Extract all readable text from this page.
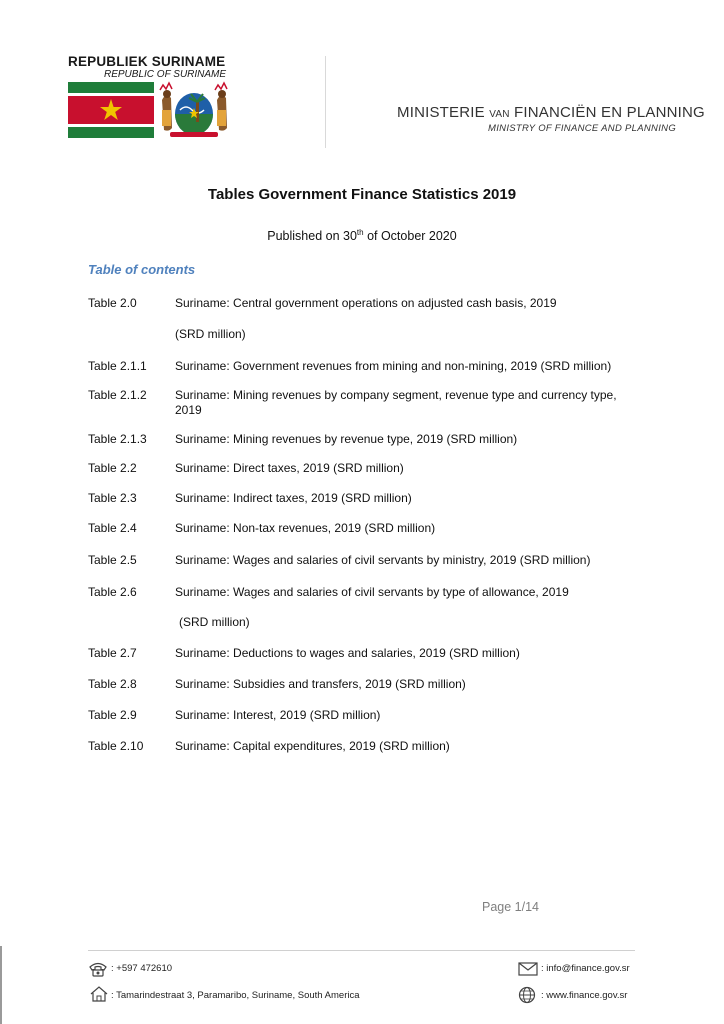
REPUBLIEK SURINAME
REPUBLIC OF SURINAME
MINISTERIE VAN FINANCIËN EN PLANNING
MINISTRY OF FINANCE AND PLANNING
Tables Government Finance Statistics 2019
Published on 30th of October 2020
Table of contents
Table 2.0	Suriname: Central government operations on adjusted cash basis, 2019
(SRD million)
Table 2.1.1 Suriname: Government revenues from mining and non-mining, 2019 (SRD million)
Table 2.1.2 Suriname: Mining revenues by company segment, revenue type and currency type, 2019
Table 2.1.3 Suriname: Mining revenues by revenue type, 2019 (SRD million)
Table 2.2	Suriname: Direct taxes, 2019 (SRD million)
Table 2.3	Suriname: Indirect taxes, 2019 (SRD million)
Table 2.4	Suriname: Non-tax revenues, 2019 (SRD million)
Table 2.5	Suriname: Wages and salaries of civil servants by ministry, 2019 (SRD million)
Table 2.6	Suriname: Wages and salaries of civil servants by type of allowance, 2019
(SRD million)
Table 2.7	Suriname: Deductions to wages and salaries, 2019 (SRD million)
Table 2.8	Suriname: Subsidies and transfers, 2019 (SRD million)
Table 2.9	Suriname: Interest, 2019 (SRD million)
Table 2.10	Suriname: Capital expenditures, 2019 (SRD million)
Page 1/14
: +597 472610
: Tamarindestraat 3, Paramaribo, Suriname, South America
: info@finance.gov.sr
: www.finance.gov.sr
